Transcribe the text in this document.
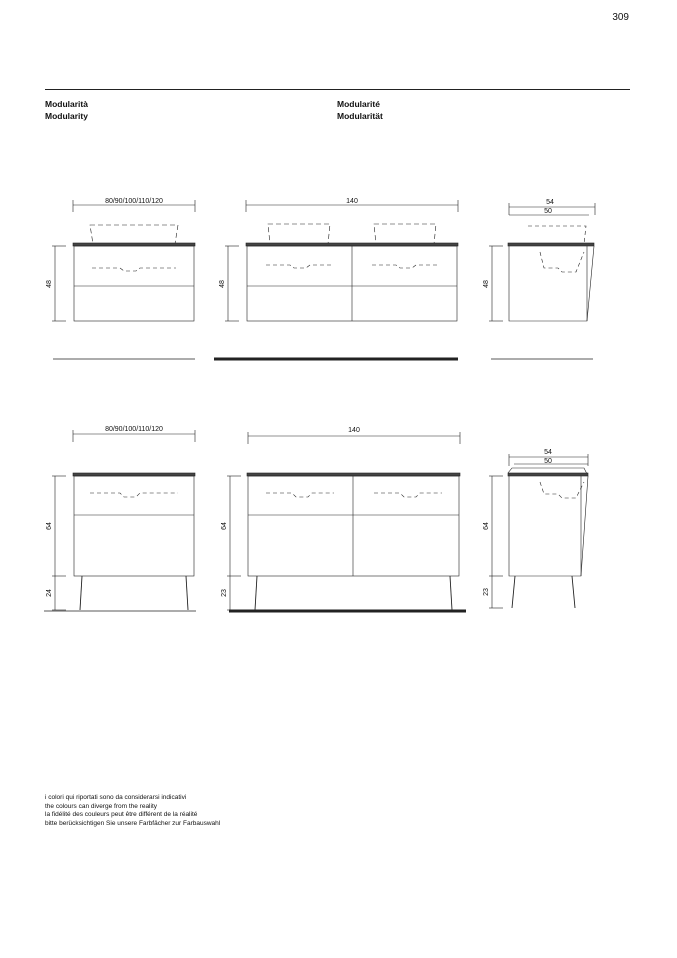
309
Modularità
Modularity
Modularité
Modularität
80/90/100/110/120	140	54
50
48	48	48
80/90/100/110/120	140
54
50
64
24
64
23
64
23
i colori qui riportati sono da considerarsi indicativi
the colours can diverge from the reality
la fidélité des couleurs peut être différent de la réalité
bitte berücksichtigen Sie unsere Farbfächer zur Farbauswahl
